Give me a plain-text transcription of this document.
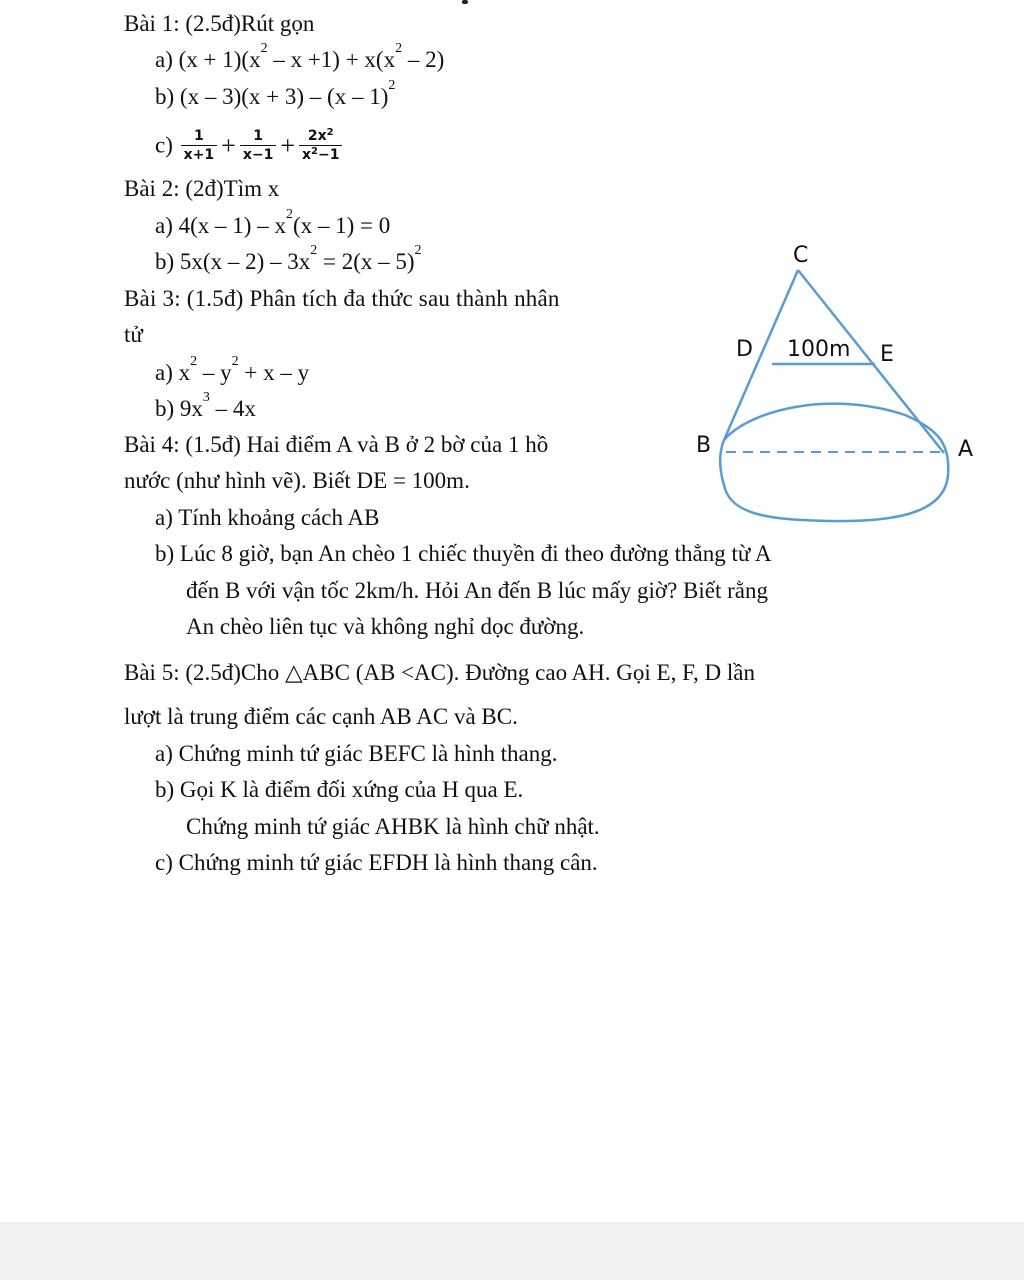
Bài 1: (2.5đ)Rút gọn
a) $(x + 1)(x^2 - x +1) + x(x^2 - 2)$
b) (x – 3)(x + 3) – (x – 1)$^2$
$c) \frac{1}{x+1} + \frac{1}{x-1} + \frac{2x^2}{x^2-1}$
Bài 2: (2đ)Tìm x
a) $4(x - 1) - x^2(x - 1) = 0$
b) $5x(x - 2) - 3x^2 = 2(x - 5)^2$
Bài 3: (1.5đ) Phân tích đa thức sau thành nhân
tử
a) $x^2 - y^2 + x - y$
b) $9x^3 - 4x$
Bài 4: (1.5đ) Hai điểm A và B ở 2 bờ của 1 hồ
nước (như hình vẽ). Biết DE = 100m.
a) Tính khoảng cách AB
b) Lúc 8 giờ, bạn An chèo 1 chiếc thuyền đi theo đường thẳng từ A
đến B với vận tốc 2km/h. Hỏi An đến B lúc mấy giờ? Biết rằng
An chèo liên tục và không nghỉ dọc đường.
Bài 5: (2.5đ)Cho △ABC (AB <AC). Đường cao AH. Gọi E, F, D lần
lượt là trung điểm các cạnh AB AC và BC.
a) Chứng minh tứ giác BEFC là hình thang.
b) Gọi K là điểm đối xứng của H qua E.
Chứng minh tứ giác AHBK là hình chữ nhật.
c) Chứng minh tứ giác EFDH là hình thang cân.
C
D 100m E
B	A
